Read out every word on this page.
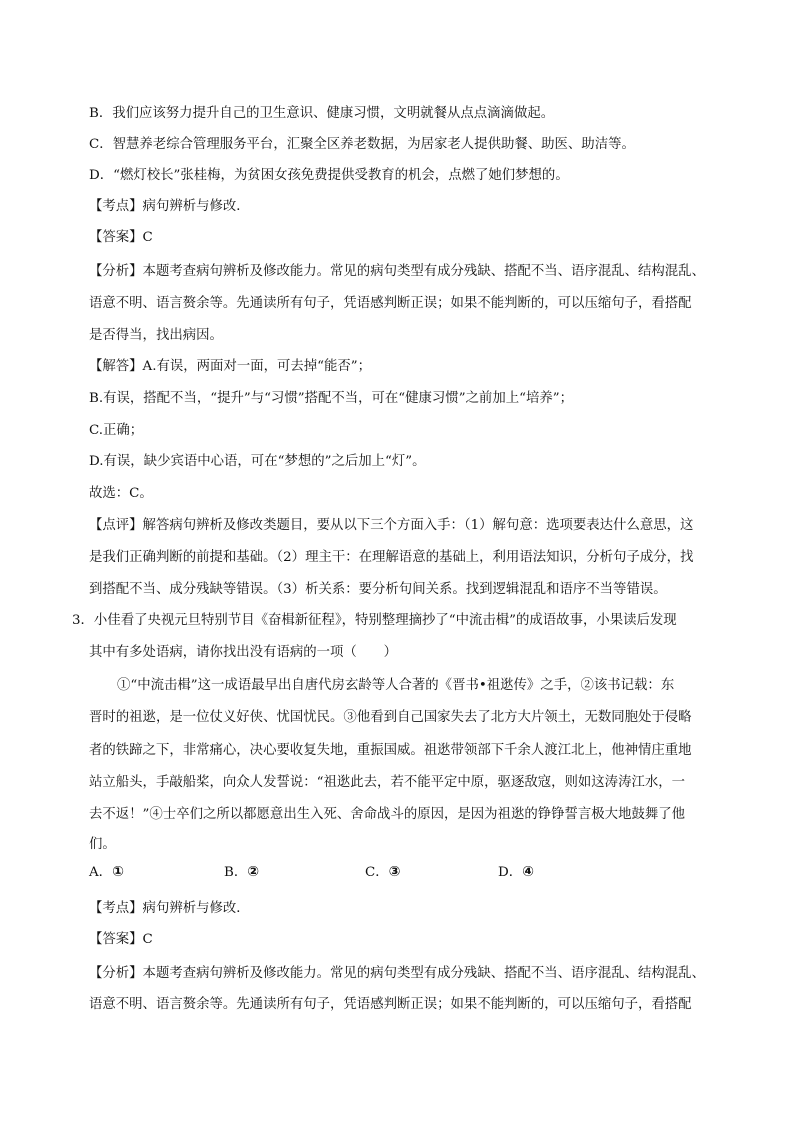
B．我们应该努力提升自己的卫生意识、健康习惯，文明就餐从点点滴滴做起。
C．智慧养老综合管理服务平台，汇聚全区养老数据，为居家老人提供助餐、助医、助洁等。
D．“燃灯校长”张桂梅，为贫困女孩免费提供受教育的机会，点燃了她们梦想的。
【考点】病句辨析与修改．
【答案】C
【分析】本题考查病句辨析及修改能力。常见的病句类型有成分残缺、搭配不当、语序混乱、结构混乱、
语意不明、语言赘余等。先通读所有句子，凭语感判断正误；如果不能判断的，可以压缩句子，看搭配
是否得当，找出病因。
【解答】A.有误，两面对一面，可去掉“能否”；
B.有误，搭配不当，“提升”与“习惯”搭配不当，可在“健康习惯”之前加上“培养”；
C.正确；
D.有误，缺少宾语中心语，可在“梦想的”之后加上“灯”。
故选：C。
【点评】解答病句辨析及修改类题目，要从以下三个方面入手：（1）解句意：选项要表达什么意思，这
是我们正确判断的前提和基础。（2）理主干：在理解语意的基础上，利用语法知识，分析句子成分，找
到搭配不当、成分残缺等错误。（3）析关系：要分析句间关系。找到逻辑混乱和语序不当等错误。
3．小佳看了央视元旦特别节目《奋楫新征程》，特别整理摘抄了“中流击楫”的成语故事，小果读后发现
其中有多处语病，请你找出没有语病的一项（　　）
①“中流击楫”这一成语最早出自唐代房玄龄等人合著的《晋书•祖逖传》之手，②该书记载：东
晋时的祖逖，是一位仗义好侠、忧国忧民。③他看到自己国家失去了北方大片领土，无数同胞处于侵略
者的铁蹄之下，非常痛心，决心要收复失地，重振国威。祖逖带领部下千余人渡江北上，他神情庄重地
站立船头，手敲船桨，向众人发誓说：“祖逖此去，若不能平定中原，驱逐敌寇，则如这涛涛江水，一
去不返！”④士卒们之所以都愿意出生入死、舍命战斗的原因，是因为祖逖的铮铮誓言极大地鼓舞了他
们。
A．①	B．②	C．③	D．④
【考点】病句辨析与修改．
【答案】C
【分析】本题考查病句辨析及修改能力。常见的病句类型有成分残缺、搭配不当、语序混乱、结构混乱、
语意不明、语言赘余等。先通读所有句子，凭语感判断正误；如果不能判断的，可以压缩句子，看搭配
